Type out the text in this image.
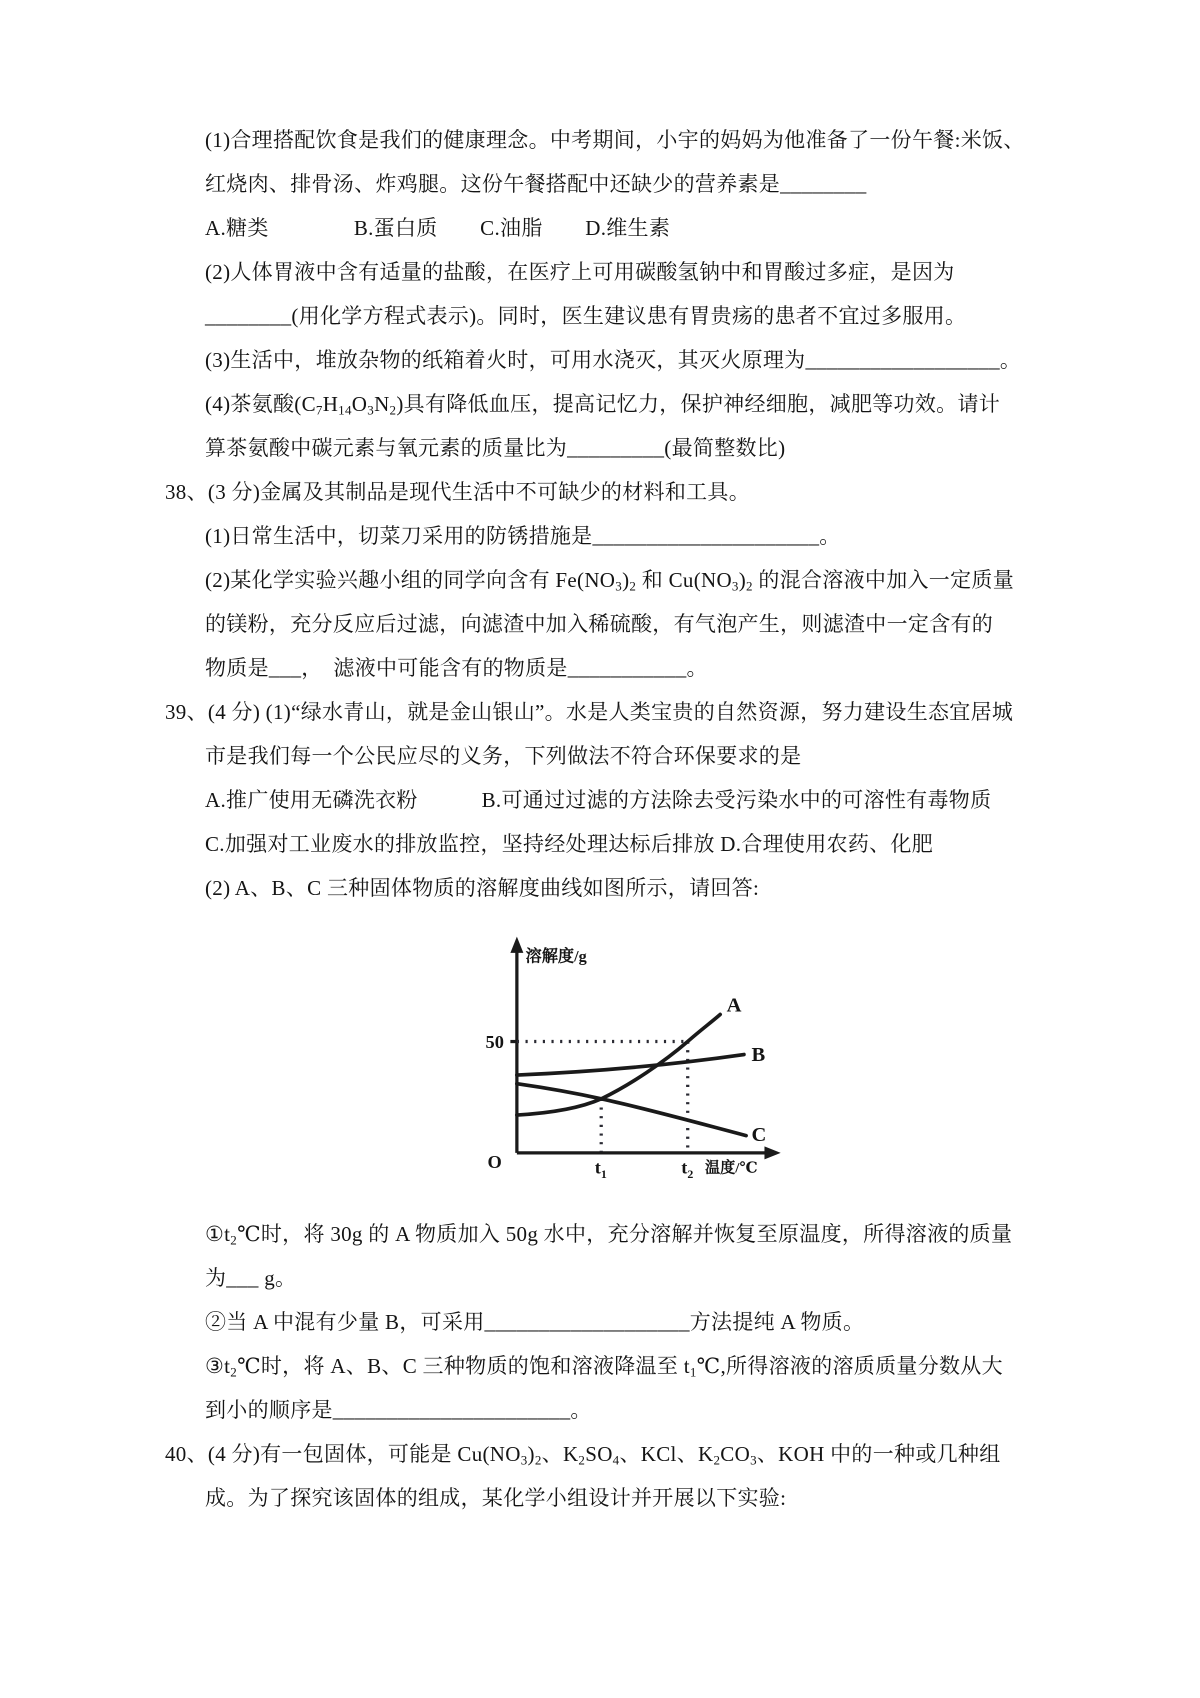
(1)合理搭配饮食是我们的健康理念。中考期间，小宇的妈妈为他准备了一份午餐:米饭、
红烧肉、排骨汤、炸鸡腿。这份午餐搭配中还缺少的营养素是________
A.糖类　　　　B.蛋白质　　C.油脂　　D.维生素
(2)人体胃液中含有适量的盐酸，在医疗上可用碳酸氢钠中和胃酸过多症，是因为
________(用化学方程式表示)。同时，医生建议患有胃贵疡的患者不宜过多服用。
(3)生活中，堆放杂物的纸箱着火时，可用水浇灭，其灭火原理为__________________。
(4)茶氨酸$(C_7H_{14}O_3N_2)$具有降低血压，提高记忆力，保护神经细胞，减肥等功效。请计
算茶氨酸中碳元素与氧元素的质量比为_________(最简整数比)
38、(3 分)金属及其制品是现代生活中不可缺少的材料和工具。
(1)日常生活中，切菜刀采用的防锈措施是_____________________。
(2)某化学实验兴趣小组的同学向含有 $Fe(NO_3)_2$ 和 $Cu(NO_3)_2$ 的混合溶液中加入一定质量
的镁粉，充分反应后过滤，向滤渣中加入稀硫酸，有气泡产生，则滤渣中一定含有的
物质是___，　滤液中可能含有的物质是___________。
39、(4 分) (1)“绿水青山，就是金山银山”。水是人类宝贵的自然资源，努力建设生态宜居城
市是我们每一个公民应尽的义务，下列做法不符合环保要求的是
A.推广使用无磷洗衣粉　　　B.可通过过滤的方法除去受污染水中的可溶性有毒物质
C.加强对工业废水的排放监控，坚持经处理达标后排放 D.合理使用农药、化肥
(2) A、B、C 三种固体物质的溶解度曲线如图所示，请回答:
溶解度/g
50
O	$t_1$	$t_2$ 温度/℃
A
B
C
$①t_2℃$时，将 30g 的 A 物质加入 50g 水中，充分溶解并恢复至原温度，所得溶液的质量
为___ g。
②当 A 中混有少量 B，可采用___________________方法提纯 A 物质。
$③t_2℃$时，将 A、B、C 三种物质的饱和溶液降温至 $t_1℃$,所得溶液的溶质质量分数从大
到小的顺序是______________________。
40、(4 分)有一包固体，可能是 $Cu(NO_3)_2$、$K_2SO_4$、KCl、$K_2CO_3$、KOH 中的一种或几种组
成。为了探究该固体的组成，某化学小组设计并开展以下实验:
